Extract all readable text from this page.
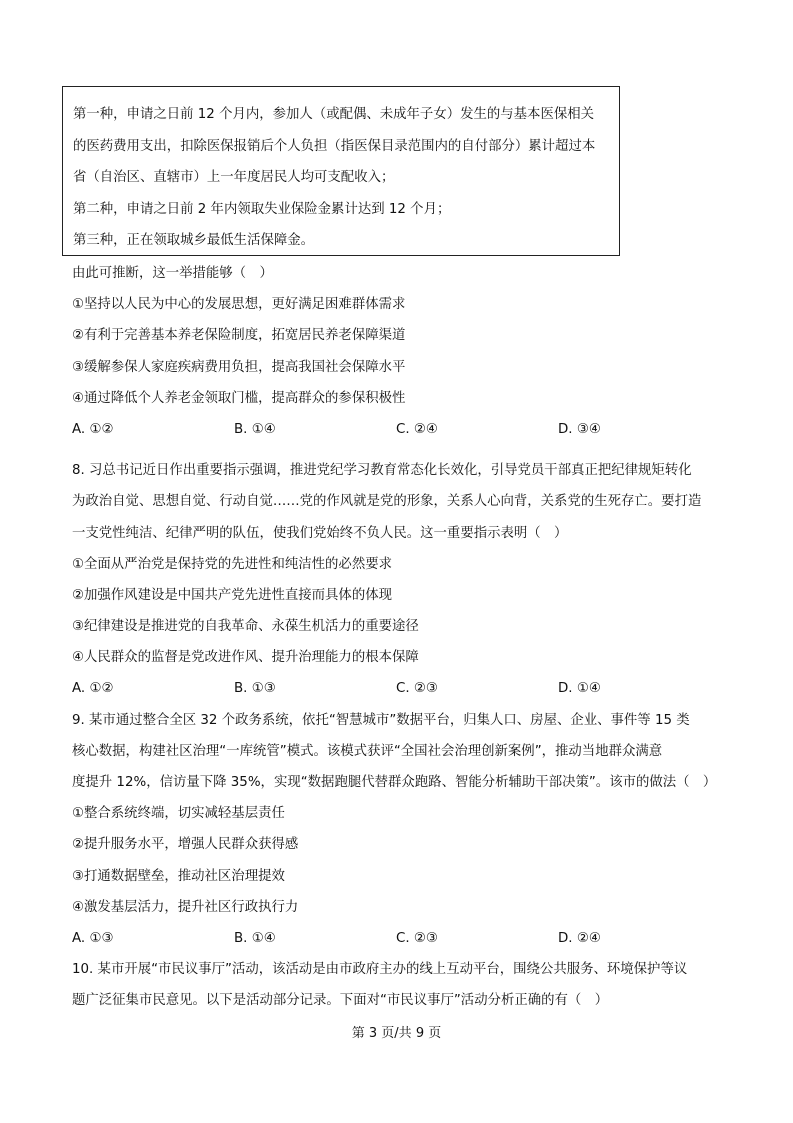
第一种，申请之日前 12 个月内，参加人（或配偶、未成年子女）发生的与基本医保相关
的医药费用支出，扣除医保报销后个人负担（指医保目录范围内的自付部分）累计超过本
省（自治区、直辖市）上一年度居民人均可支配收入；
第二种，申请之日前 2 年内领取失业保险金累计达到 12 个月；
第三种，正在领取城乡最低生活保障金。
由此可推断，这一举措能够（　）
①坚持以人民为中心的发展思想，更好满足困难群体需求
②有利于完善基本养老保险制度，拓宽居民养老保障渠道
③缓解参保人家庭疾病费用负担，提高我国社会保障水平
④通过降低个人养老金领取门槛，提高群众的参保积极性
A. ①②	B. ①④	C. ②④	D. ③④
8. 习总书记近日作出重要指示强调，推进党纪学习教育常态化长效化，引导党员干部真正把纪律规矩转化
为政治自觉、思想自觉、行动自觉……党的作风就是党的形象，关系人心向背，关系党的生死存亡。要打造
一支党性纯洁、纪律严明的队伍，使我们党始终不负人民。这一重要指示表明（　）
①全面从严治党是保持党的先进性和纯洁性的必然要求
②加强作风建设是中国共产党先进性直接而具体的体现
③纪律建设是推进党的自我革命、永葆生机活力的重要途径
④人民群众的监督是党改进作风、提升治理能力的根本保障
A. ①②	B. ①③	C. ②③	D. ①④
9. 某市通过整合全区 32 个政务系统，依托“智慧城市”数据平台，归集人口、房屋、企业、事件等 15 类
核心数据，构建社区治理“一库统管”模式。该模式获评“全国社会治理创新案例”，推动当地群众满意
度提升 12%，信访量下降 35%，实现“数据跑腿代替群众跑路、智能分析辅助干部决策”。该市的做法（　）
①整合系统终端，切实减轻基层责任
②提升服务水平，增强人民群众获得感
③打通数据壁垒，推动社区治理提效
④激发基层活力，提升社区行政执行力
A. ①③	B. ①④	C. ②③	D. ②④
10. 某市开展“市民议事厅”活动，该活动是由市政府主办的线上互动平台，围绕公共服务、环境保护等议
题广泛征集市民意见。以下是活动部分记录。下面对“市民议事厅”活动分析正确的有（　）
第 3 页/共 9 页
